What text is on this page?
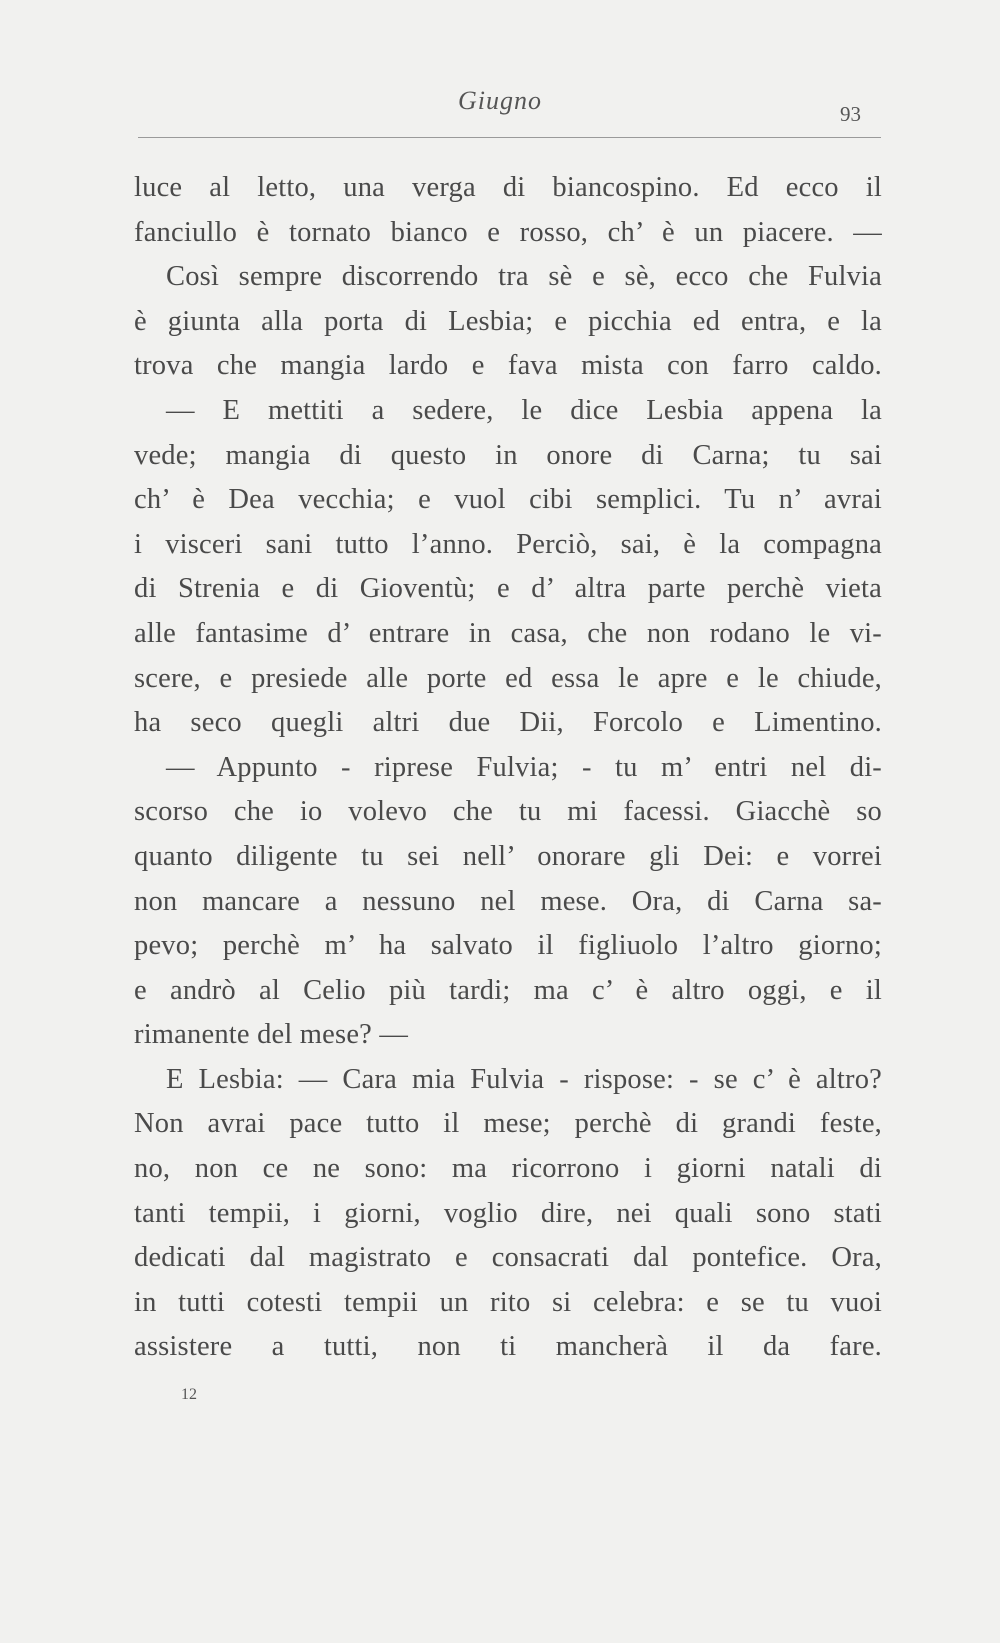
Giugno	93
luce al letto, una verga di biancospino. Ed ecco il
fanciullo è tornato bianco e rosso, ch’ è un piacere. —
Così sempre discorrendo tra sè e sè, ecco che Fulvia
è giunta alla porta di Lesbia; e picchia ed entra, e la
trova che mangia lardo e fava mista con farro caldo.
— E mettiti a sedere, le dice Lesbia appena la
vede; mangia di questo in onore di Carna; tu sai
ch’ è Dea vecchia; e vuol cibi semplici. Tu n’ avrai
i visceri sani tutto l’anno. Perciò, sai, è la compagna
di Strenia e di Gioventù; e d’ altra parte perchè vieta
alle fantasime d’ entrare in casa, che non rodano le vi-
scere, e presiede alle porte ed essa le apre e le chiude,
ha seco quegli altri due Dii, Forcolo e Limentino.
— Appunto - riprese Fulvia; - tu m’ entri nel di-
scorso che io volevo che tu mi facessi. Giacchè so
quanto diligente tu sei nell’ onorare gli Dei: e vorrei
non mancare a nessuno nel mese. Ora, di Carna sa-
pevo; perchè m’ ha salvato il figliuolo l’altro giorno;
e andrò al Celio più tardi; ma c’ è altro oggi, e il
rimanente del mese? —
E Lesbia: — Cara mia Fulvia - rispose: - se c’ è altro?
Non avrai pace tutto il mese; perchè di grandi feste,
no, non ce ne sono: ma ricorrono i giorni natali di
tanti tempii, i giorni, voglio dire, nei quali sono stati
dedicati dal magistrato e consacrati dal pontefice. Ora,
in tutti cotesti tempii un rito si celebra: e se tu vuoi
assistere a tutti, non ti mancherà il da fare.
12
